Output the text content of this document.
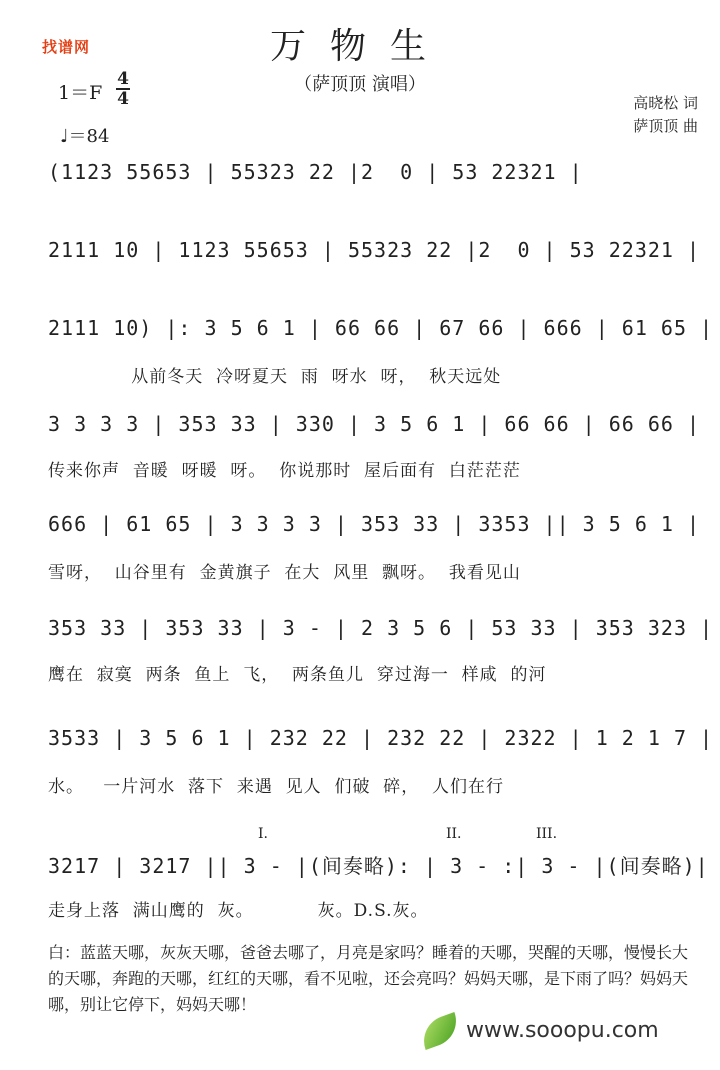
找谱网	万物生
（萨顶顶 演唱）
1＝F
4
4
♩＝84
高晓松 词
萨顶顶 曲
(1123 55653 | 55323 22 |2  0 | 53 22321 |
2111 10 | 1123 55653 | 55323 22 |2  0 | 53 22321 |
2111 10) |: 3 5 6 1 | 66 66 | 67 66 | 666 | 61 65 |
从前冬天  冷呀夏天  雨  呀水  呀，  秋天远处
3 3 3 3 | 353 33 | 330 | 3 5 6 1 | 66 66 | 66 66 |
传来你声  音暖  呀暖  呀。  你说那时  屋后面有  白茫茫茫
666 | 61 65 | 3 3 3 3 | 353 33 | 3353 || 3 5 6 1 |
雪呀，  山谷里有  金黄旗子  在大  风里  飘呀。  我看见山
353 33 | 353 33 | 3 - | 2 3 5 6 | 53 33 | 353 323 |
鹰在  寂寞  两条  鱼上  飞，  两条鱼儿  穿过海一  样咸  的河
3533 | 3 5 6 1 | 232 22 | 232 22 | 2322 | 1 2 1 7 |
水。   一片河水  落下  来遇  见人  们破  碎，  人们在行
I.	II.	III.
3217 | 3217 || 3 - |(间奏略): | 3 - :| 3 - |(间奏略)|
走身上落  满山鹰的  灰。          灰。D.S.灰。
白：蓝蓝天哪，灰灰天哪，爸爸去哪了，月亮是家吗？睡着的天哪，哭醒的天哪，慢慢长大的天哪，奔跑的天哪，红红的天哪，看不见啦，还会亮吗？妈妈天哪，是下雨了吗？妈妈天哪，别让它停下，妈妈天哪！
www.sooopu.com
